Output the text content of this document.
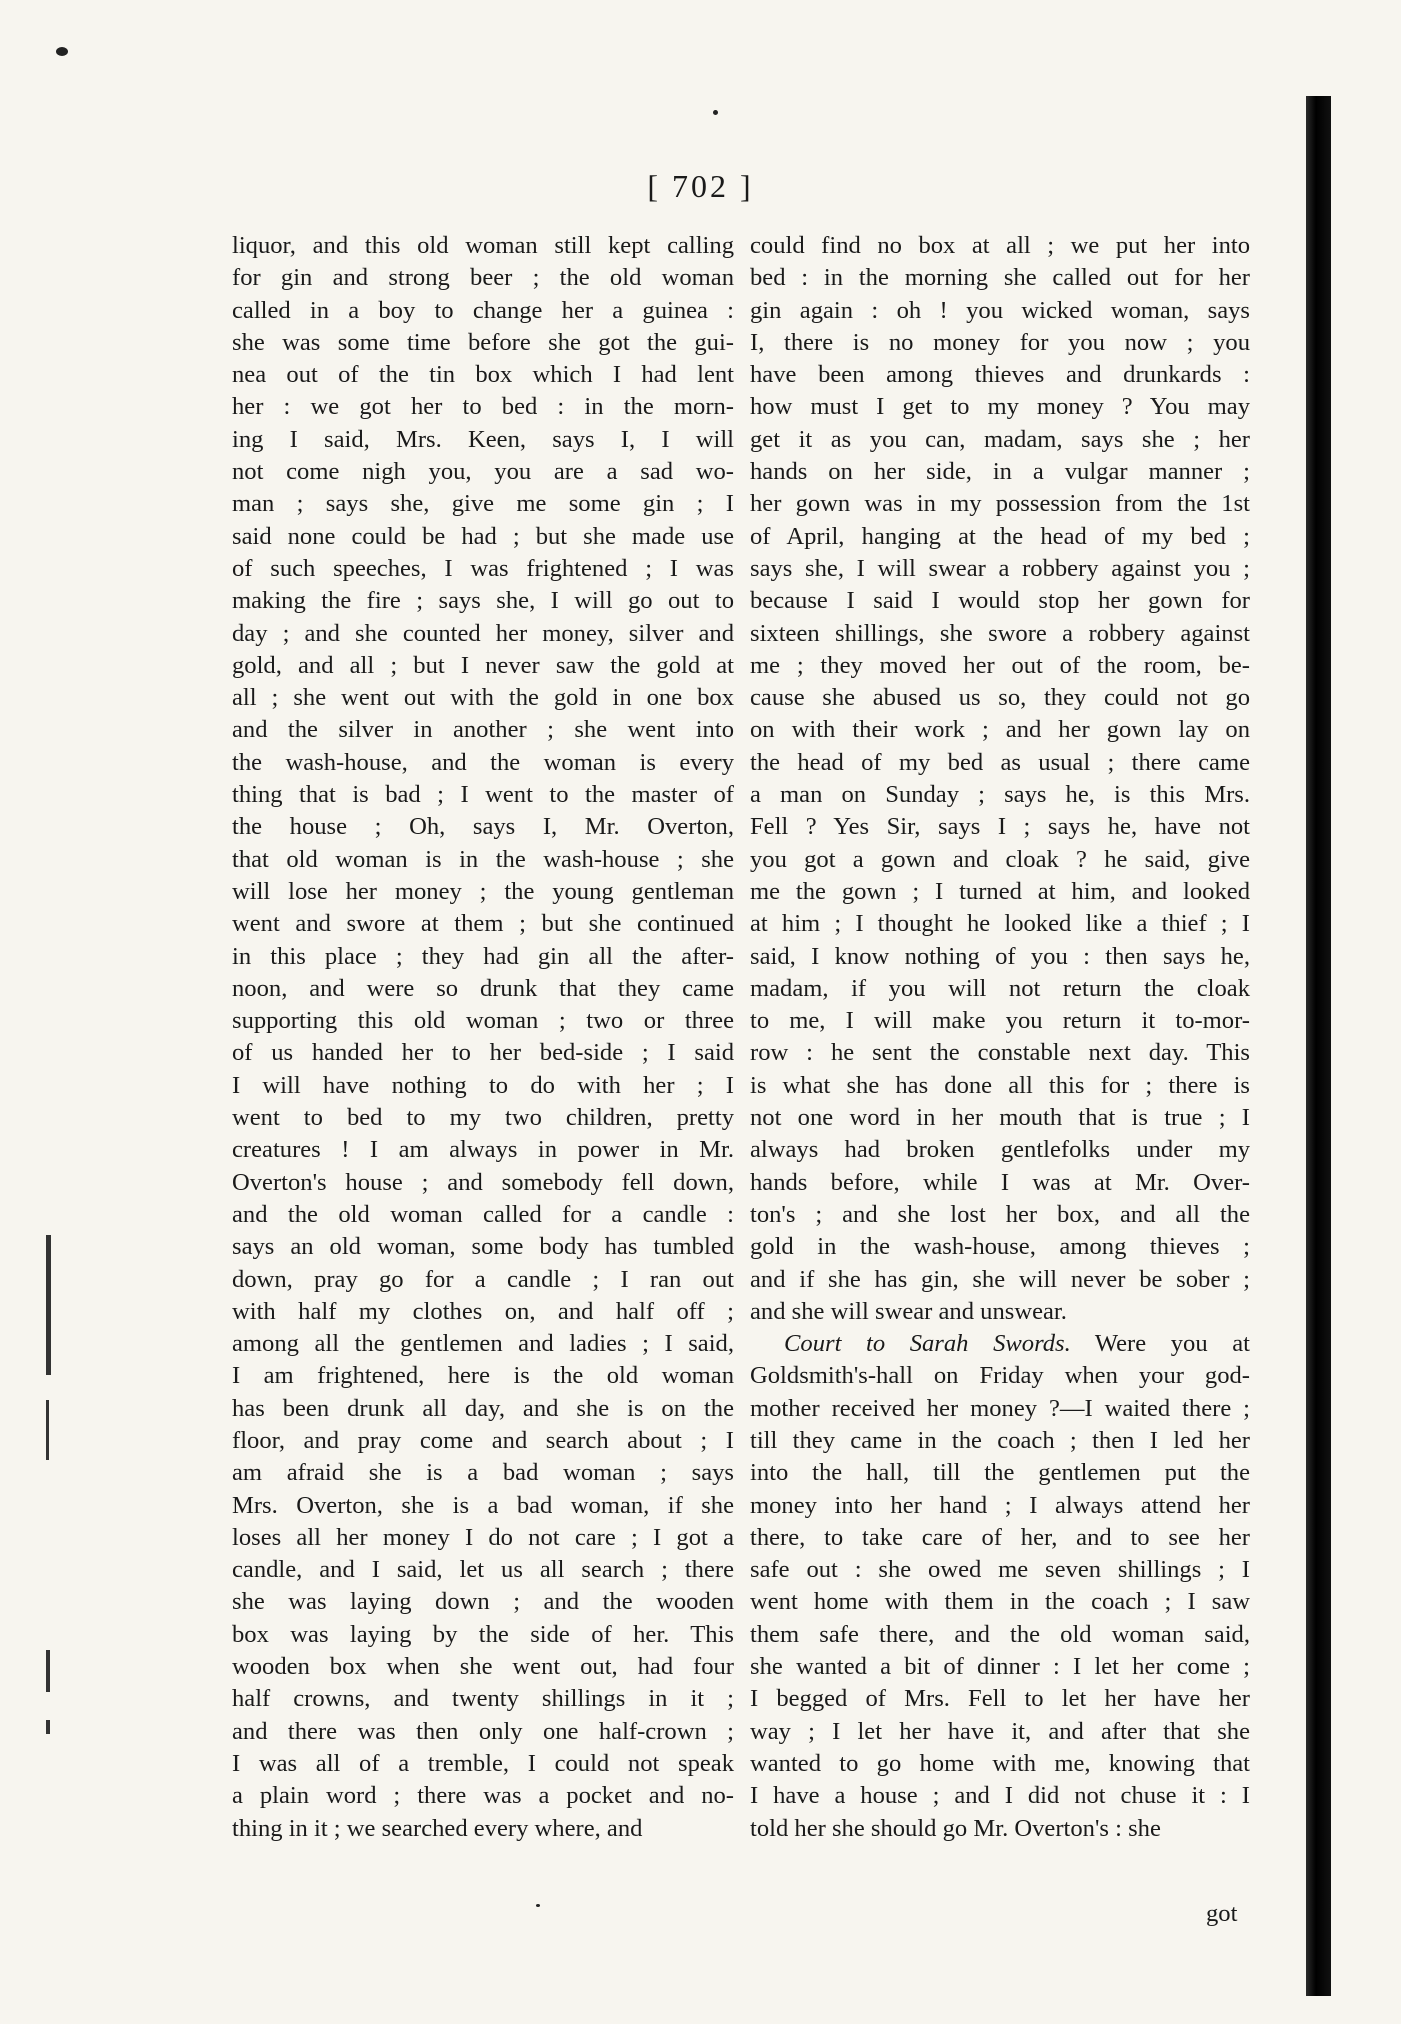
[ 702 ]
liquor, and this old woman still kept calling
for gin and strong beer ; the old woman
called in a boy to change her a guinea :
she was some time before she got the gui-
nea out of the tin box which I had lent
her : we got her to bed : in the morn-
ing I said, Mrs. Keen, says I, I will
not come nigh you, you are a sad wo-
man ; says she, give me some gin ; I
said none could be had ; but she made use
of such speeches, I was frightened ; I was
making the fire ; says she, I will go out to
day ; and she counted her money, silver and
gold, and all ; but I never saw the gold at
all ; she went out with the gold in one box
and the silver in another ; she went into
the wash-house, and the woman is every
thing that is bad ; I went to the master of
the house ; Oh, says I, Mr. Overton,
that old woman is in the wash-house ; she
will lose her money ; the young gentleman
went and swore at them ; but she continued
in this place ; they had gin all the after-
noon, and were so drunk that they came
supporting this old woman ; two or three
of us handed her to her bed-side ; I said
I will have nothing to do with her ; I
went to bed to my two children, pretty
creatures ! I am always in power in Mr.
Overton's house ; and somebody fell down,
and the old woman called for a candle :
says an old woman, some body has tumbled
down, pray go for a candle ; I ran out
with half my clothes on, and half off ;
among all the gentlemen and ladies ; I said,
I am frightened, here is the old woman
has been drunk all day, and she is on the
floor, and pray come and search about ; I
am afraid she is a bad woman ; says
Mrs. Overton, she is a bad woman, if she
loses all her money I do not care ; I got a
candle, and I said, let us all search ; there
she was laying down ; and the wooden
box was laying by the side of her. This
wooden box when she went out, had four
half crowns, and twenty shillings in it ;
and there was then only one half-crown ;
I was all of a tremble, I could not speak
a plain word ; there was a pocket and no-
thing in it ; we searched every where, and
could find no box at all ; we put her into
bed : in the morning she called out for her
gin again : oh ! you wicked woman, says
I, there is no money for you now ; you
have been among thieves and drunkards :
how must I get to my money ? You may
get it as you can, madam, says she ; her
hands on her side, in a vulgar manner ;
her gown was in my possession from the 1st
of April, hanging at the head of my bed ;
says she, I will swear a robbery against you ;
because I said I would stop her gown for
sixteen shillings, she swore a robbery against
me ; they moved her out of the room, be-
cause she abused us so, they could not go
on with their work ; and her gown lay on
the head of my bed as usual ; there came
a man on Sunday ; says he, is this Mrs.
Fell ? Yes Sir, says I ; says he, have not
you got a gown and cloak ? he said, give
me the gown ; I turned at him, and looked
at him ; I thought he looked like a thief ; I
said, I know nothing of you : then says he,
madam, if you will not return the cloak
to me, I will make you return it to-mor-
row : he sent the constable next day. This
is what she has done all this for ; there is
not one word in her mouth that is true ; I
always had broken gentlefolks under my
hands before, while I was at Mr. Over-
ton's ; and she lost her box, and all the
gold in the wash-house, among thieves ;
and if she has gin, she will never be sober ;
and she will swear and unswear.
Court to Sarah Swords. Were you at
Goldsmith's-hall on Friday when your god-
mother received her money ?—I waited there ;
till they came in the coach ; then I led her
into the hall, till the gentlemen put the
money into her hand ; I always attend her
there, to take care of her, and to see her
safe out : she owed me seven shillings ; I
went home with them in the coach ; I saw
them safe there, and the old woman said,
she wanted a bit of dinner : I let her come ;
I begged of Mrs. Fell to let her have her
way ; I let her have it, and after that she
wanted to go home with me, knowing that
I have a house ; and I did not chuse it : I
told her she should go Mr. Overton's : she
got
